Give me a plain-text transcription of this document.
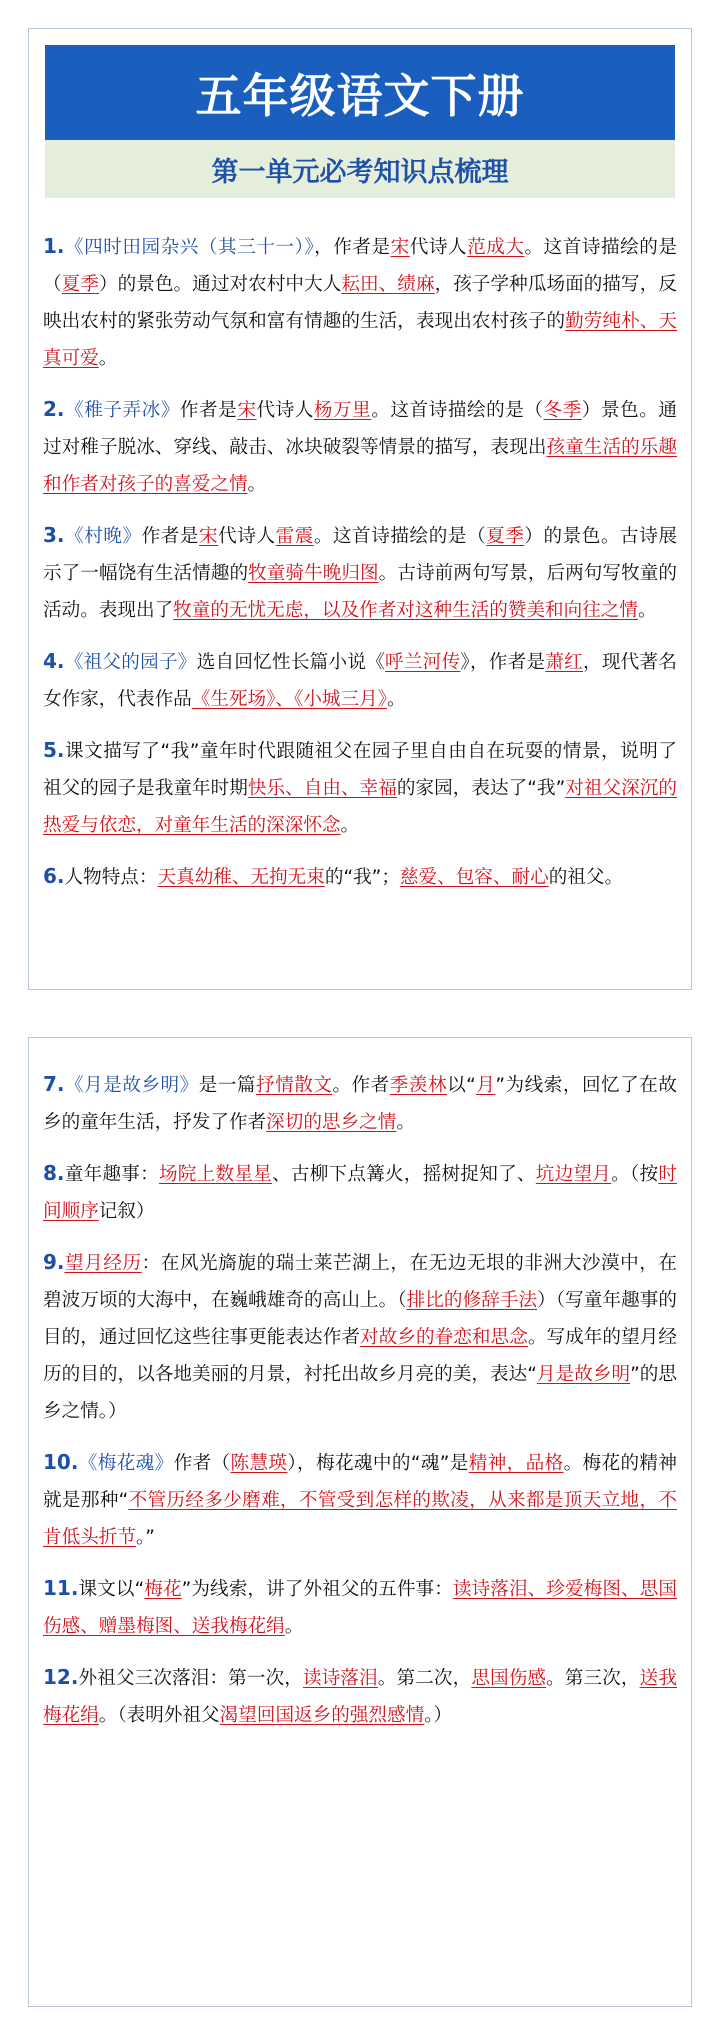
五年级语文下册
第一单元必考知识点梳理

1.《四时田园杂兴（其三十一）》，作者是宋代诗人范成大。这首诗描绘的是（夏季）的景色。通过对农村中大人耘田、绩麻，孩子学种瓜场面的描写，反映出农村的紧张劳动气氛和富有情趣的生活，表现出农村孩子的勤劳纯朴、天真可爱。

2.《稚子弄冰》作者是宋代诗人杨万里。这首诗描绘的是（冬季）景色。通过对稚子脱冰、穿线、敲击、冰块破裂等情景的描写，表现出孩童生活的乐趣和作者对孩子的喜爱之情。

3.《村晚》作者是宋代诗人雷震。这首诗描绘的是（夏季）的景色。古诗展示了一幅饶有生活情趣的牧童骑牛晚归图。古诗前两句写景，后两句写牧童的活动。表现出了牧童的无忧无虑，以及作者对这种生活的赞美和向往之情。

4.《祖父的园子》选自回忆性长篇小说《呼兰河传》，作者是萧红，现代著名女作家，代表作品《生死场》、《小城三月》。

5.课文描写了“我”童年时代跟随祖父在园子里自由自在玩耍的情景，说明了祖父的园子是我童年时期快乐、自由、幸福的家园，表达了“我”对祖父深沉的热爱与依恋，对童年生活的深深怀念。

6.人物特点：天真幼稚、无拘无束的“我”；慈爱、包容、耐心的祖父。

7.《月是故乡明》是一篇抒情散文。作者季羡林以“月”为线索，回忆了在故乡的童年生活，抒发了作者深切的思乡之情。

8.童年趣事：场院上数星星、古柳下点篝火，摇树捉知了、坑边望月。（按时间顺序记叙）

9.望月经历：在风光旖旎的瑞士莱芒湖上，在无边无垠的非洲大沙漠中，在碧波万顷的大海中，在巍峨雄奇的高山上。（排比的修辞手法）（写童年趣事的目的，通过回忆这些往事更能表达作者对故乡的眷恋和思念。写成年的望月经历的目的，以各地美丽的月景，衬托出故乡月亮的美，表达“月是故乡明”的思乡之情。）

10.《梅花魂》作者（陈慧瑛），梅花魂中的“魂”是精神，品格。梅花的精神就是那种“不管历经多少磨难，不管受到怎样的欺凌，从来都是顶天立地，不肯低头折节。”

11.课文以“梅花”为线索，讲了外祖父的五件事：读诗落泪、珍爱梅图、思国伤感、赠墨梅图、送我梅花绢。

12.外祖父三次落泪：第一次，读诗落泪。第二次，思国伤感。第三次，送我梅花绢。（表明外祖父渴望回国返乡的强烈感情。）
